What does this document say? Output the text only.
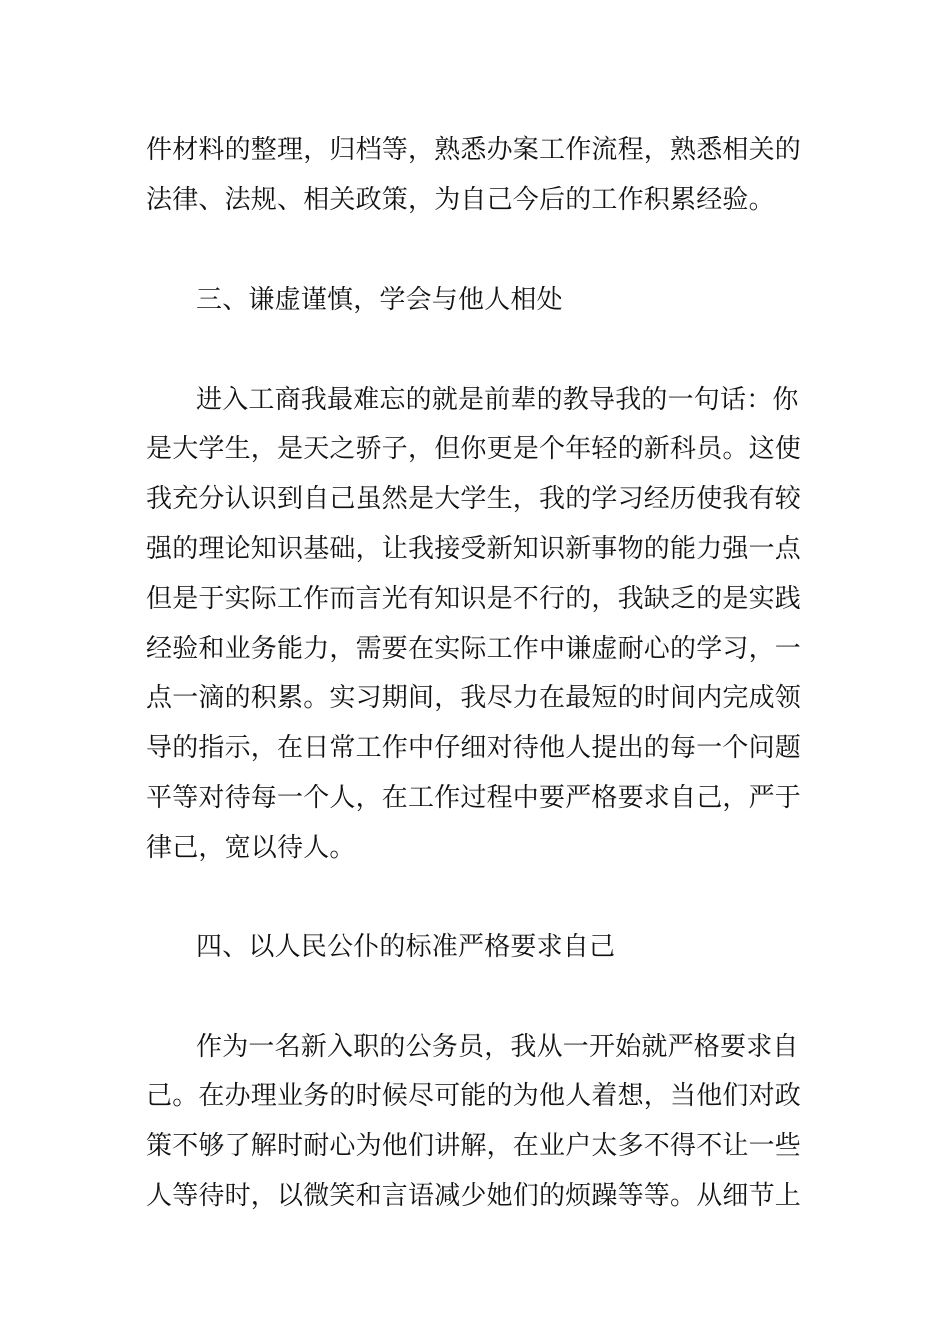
件材料的整理，归档等，熟悉办案工作流程，熟悉相关的
法律、法规、相关政策，为自己今后的工作积累经验。
三、谦虚谨慎，学会与他人相处
进入工商我最难忘的就是前辈的教导我的一句话：你
是大学生，是天之骄子，但你更是个年轻的新科员。这使
我充分认识到自己虽然是大学生，我的学习经历使我有较
强的理论知识基础，让我接受新知识新事物的能力强一点
但是于实际工作而言光有知识是不行的，我缺乏的是实践
经验和业务能力，需要在实际工作中谦虚耐心的学习，一
点一滴的积累。实习期间，我尽力在最短的时间内完成领
导的指示，在日常工作中仔细对待他人提出的每一个问题
平等对待每一个人，在工作过程中要严格要求自己，严于
律己，宽以待人。
四、以人民公仆的标准严格要求自己
作为一名新入职的公务员，我从一开始就严格要求自
己。在办理业务的时候尽可能的为他人着想，当他们对政
策不够了解时耐心为他们讲解，在业户太多不得不让一些
人等待时，以微笑和言语减少她们的烦躁等等。从细节上
